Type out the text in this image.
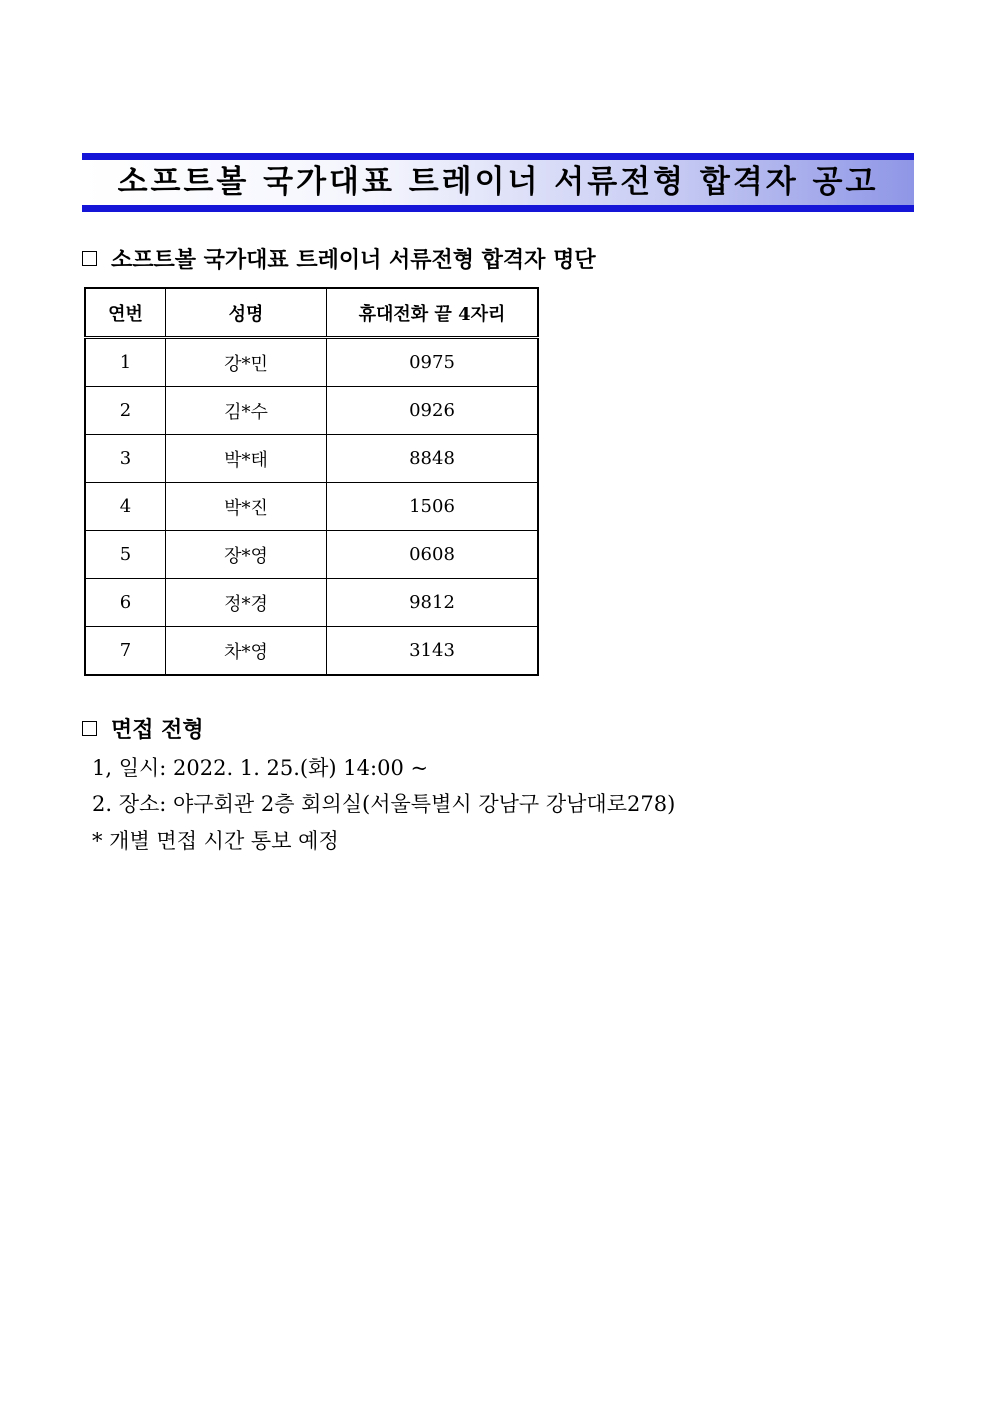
소프트볼 국가대표 트레이너 서류전형 합격자 공고
소프트볼 국가대표 트레이너 서류전형 합격자 명단
연번	성명	휴대전화 끝 4자리
1	강*민	0975
2	김*수	0926
3	박*태	8848
4	박*진	1506
5	장*영	0608
6	정*경	9812
7	차*영	3143
면접 전형
1, 일시: 2022. 1. 25.(화) 14:00 ~
2. 장소: 야구회관 2층 회의실(서울특별시 강남구 강남대로278)
* 개별 면접 시간 통보 예정
